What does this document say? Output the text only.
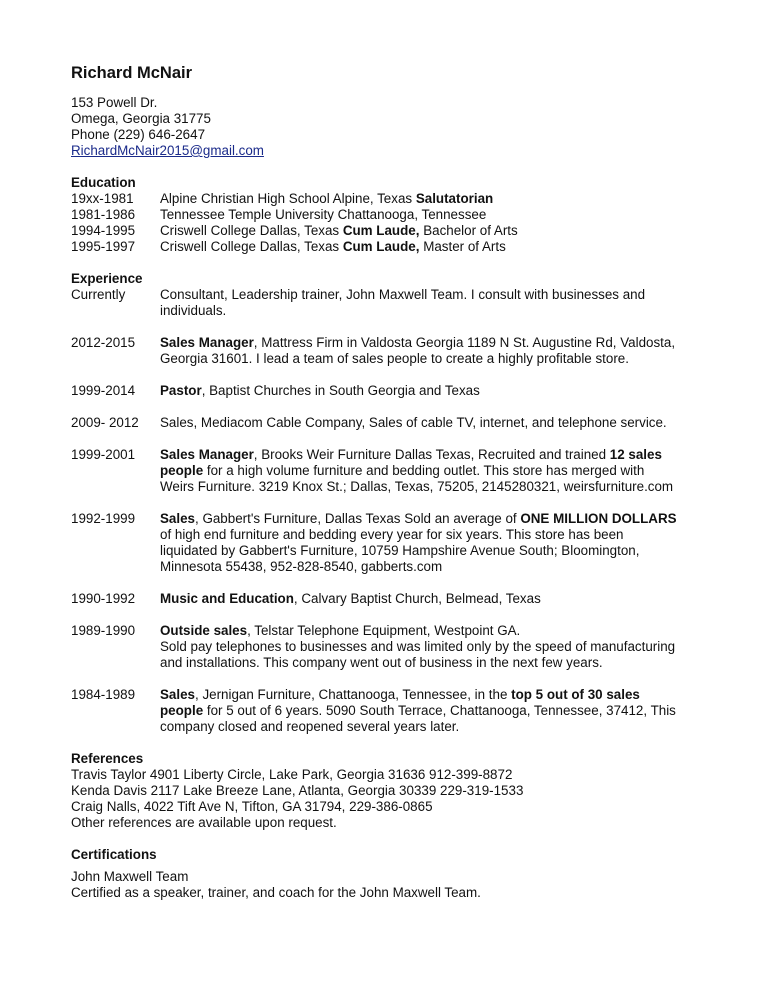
Richard McNair
153 Powell Dr.
Omega, Georgia 31775
Phone (229) 646-2647
RichardMcNair2015@gmail.com
Education
19xx-1981	Alpine Christian High School Alpine, Texas Salutatorian
1981-1986	Tennessee Temple University Chattanooga, Tennessee
1994-1995	Criswell College Dallas, Texas Cum Laude, Bachelor of Arts
1995-1997	Criswell College Dallas, Texas Cum Laude, Master of Arts
Experience
Currently	Consultant, Leadership trainer, John Maxwell Team. I consult with businesses and
individuals.
2012-2015	Sales Manager, Mattress Firm in Valdosta Georgia 1189 N St. Augustine Rd, Valdosta,
Georgia 31601. I lead a team of sales people to create a highly profitable store.
1999-2014	Pastor, Baptist Churches in South Georgia and Texas
2009- 2012	Sales, Mediacom Cable Company, Sales of cable TV, internet, and telephone service.
1999-2001	Sales Manager, Brooks Weir Furniture Dallas Texas, Recruited and trained 12 sales
people for a high volume furniture and bedding outlet. This store has merged with
Weirs Furniture. 3219 Knox St.; Dallas, Texas, 75205, 2145280321, weirsfurniture.com
1992-1999	Sales, Gabbert's Furniture, Dallas Texas Sold an average of ONE MILLION DOLLARS
of high end furniture and bedding every year for six years. This store has been
liquidated by Gabbert's Furniture, 10759 Hampshire Avenue South; Bloomington,
Minnesota 55438, 952-828-8540, gabberts.com
1990-1992	Music and Education, Calvary Baptist Church, Belmead, Texas
1989-1990	Outside sales, Telstar Telephone Equipment, Westpoint GA.
Sold pay telephones to businesses and was limited only by the speed of manufacturing
and installations. This company went out of business in the next few years.
1984-1989	Sales, Jernigan Furniture, Chattanooga, Tennessee, in the top 5 out of 30 sales
people for 5 out of 6 years. 5090 South Terrace, Chattanooga, Tennessee, 37412, This
company closed and reopened several years later.
References
Travis Taylor 4901 Liberty Circle, Lake Park, Georgia 31636 912-399-8872
Kenda Davis 2117 Lake Breeze Lane, Atlanta, Georgia 30339 229-319-1533
Craig Nalls, 4022 Tift Ave N, Tifton, GA 31794, 229-386-0865
Other references are available upon request.
Certifications
John Maxwell Team
Certified as a speaker, trainer, and coach for the John Maxwell Team.
